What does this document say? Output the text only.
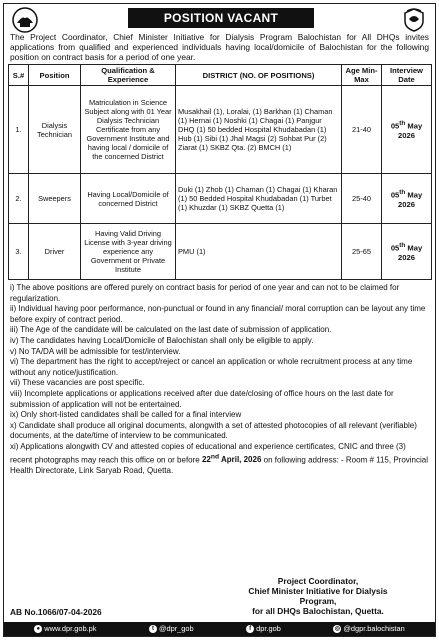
POSITION VACANT
The Project Coordinator, Chief Minister Initiative for Dialysis Program Balochistan for All DHQs invites applications from qualified and experienced individuals having local/domicile of Balochistan for the following position on contract basis for a period of one year.
S.#	Position	Qualification & Experience	DISTRICT (NO. OF POSITIONS)	Age Min-Max	Interview Date
1.	Dialysis Technician	Matriculation in Science Subject along with 01 Year Dialysis Technician Certificate from any Government Institute and having local / domicile of the concerned District	Musakhail (1), Loralai, (1) Barkhan (1) Chaman (1) Hernai (1) Noshki (1) Chagai (1) Panjgur DHQ (1) 50 bedded Hospital Khudabadan (1) Hub (1) Sibi (1) Jhal Magsi (2) Sohbat Pur (2) Ziarat (1) SKBZ Qta. (2) BMCH (1)	21-40	05th May 2026
2.	Sweepers	Having Local/Domicile of concerned District	Duki (1) Zhob (1) Chaman (1) Chagai (1) Kharan (1) 50 Bedded Hospital Khudabadan (1) Turbet (1) Khuzdar (1) SKBZ Quetta (1)	25-40	05th May 2026
3.	Driver	Having Valid Driving License with 3-year driving experience any Government or Private Institute	PMU (1)	25-65	05th May 2026

i) The above positions are offered purely on contract basis for period of one year and can not to be claimed for regularization.

ii) Individual having poor performance, non-punctual or found in any financial/ moral corruption can be layout any time before expiry of contract period.

iii) The Age of the candidate will be calculated on the last date of submission of application.

iv) The candidates having Local/Domicile of Balochistan shall only be eligible to apply.

v) No TA/DA will be admissible for test/interview.

vi) The department has the right to accept/reject or cancel an application or whole recruitment process at any time without any notice/justification.

vii) These vacancies are post specific.

viii) Incomplete applications or applications received after due date/closing of office hours on the last date for submission of application will not be entertained.

ix) Only short-listed candidates shall be called for a final interview

x) Candidate shall produce all original documents, alongwith a set of attested photocopies of all relevant (verifiable) documents, at the date/time of interview to be communicated.

xi) Applications alongwith CV and attested copies of educational and experience certificates, CNIC and three (3) recent photographs may reach this office on or before 22nd April, 2026 on following address: - Room # 115, Provincial Health Directorate, Link Saryab Road, Quetta.

Project Coordinator,
Chief Minister Initiative for Dialysis Program,
for all DHQs Balochistan, Quetta.
AB No.1066/07-04-2026
● www.dpr.gob.pk	t @dpr_gob	f dpr.gob	◎ @dgpr.balochistan
